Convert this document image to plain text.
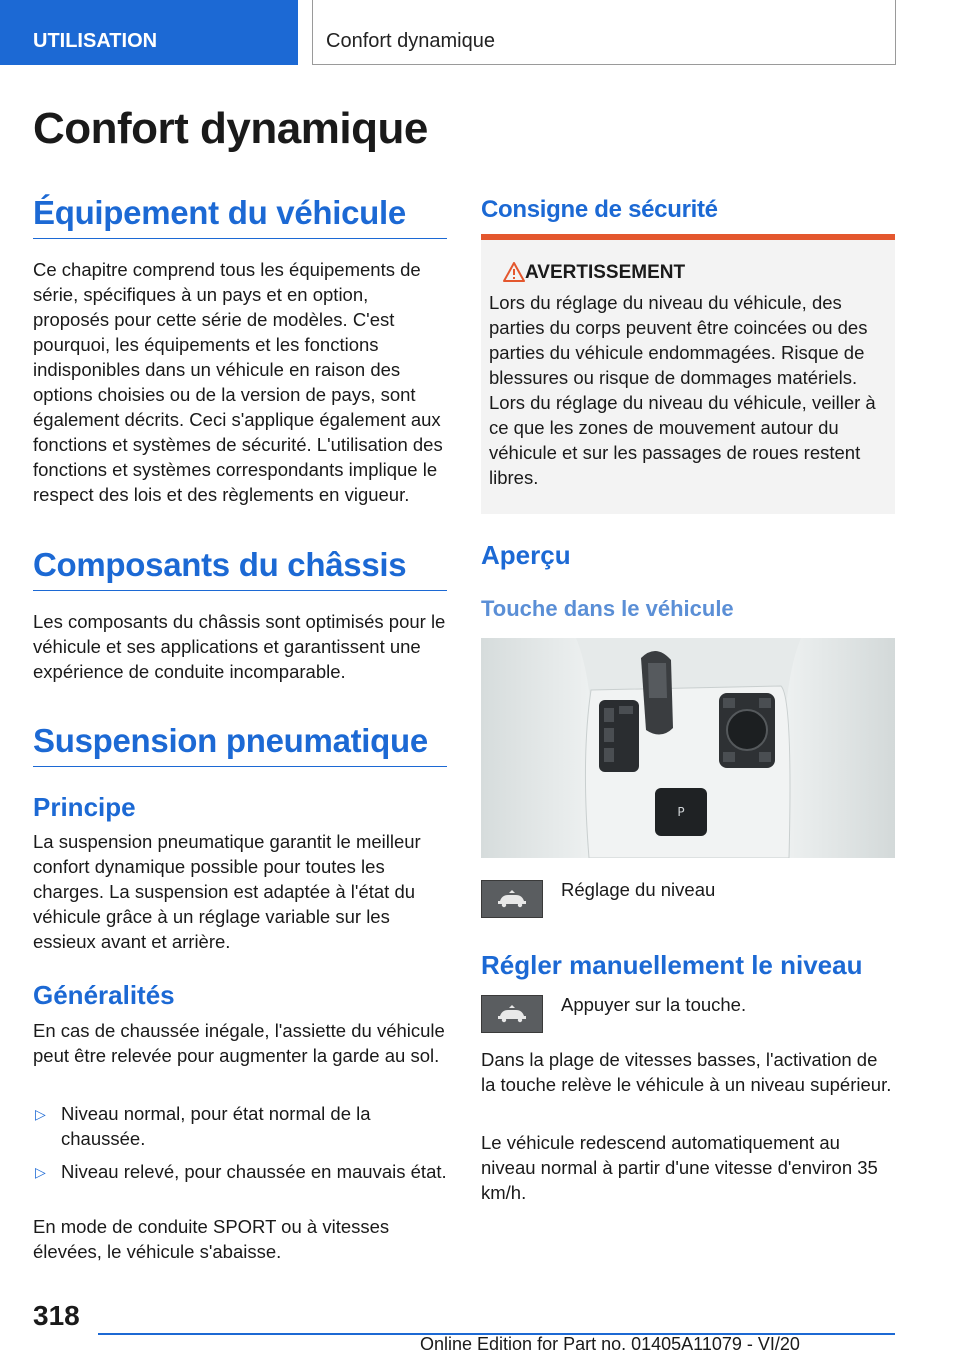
UTILISATION	Confort dynamique
Confort dynamique
Équipement du véhicule

Ce chapitre comprend tous les équipements de série, spécifiques à un pays et en option, proposés pour cette série de modèles. C'est pourquoi, les équipements et les fonctions indisponibles dans un véhicule en raison des options choisies ou de la version de pays, sont également décrits. Ceci s'applique également aux fonctions et systèmes de sécurité. L'utilisation des fonctions et systèmes correspondants implique le respect des lois et des règlements en vigueur.

Composants du châssis

Les composants du châssis sont optimisés pour le véhicule et ses applications et garantissent une expérience de conduite incomparable.

Suspension pneumatique
Principe

La suspension pneumatique garantit le meilleur confort dynamique possible pour toutes les charges. La suspension est adaptée à l'état du véhicule grâce à un réglage variable sur les essieux avant et arrière.

Généralités

En cas de chaussée inégale, l'assiette du véhicule peut être relevée pour augmenter la garde au sol.

▷ Niveau normal, pour état normal de la chaussée.
▷ Niveau relevé, pour chaussée en mauvais état.

En mode de conduite SPORT ou à vitesses élevées, le véhicule s'abaisse.

Consigne de sécurité
AVERTISSEMENT

Lors du réglage du niveau du véhicule, des parties du corps peuvent être coincées ou des parties du véhicule endommagées. Risque de blessures ou risque de dommages matériels. Lors du réglage du niveau du véhicule, veiller à ce que les zones de mouvement autour du véhicule et sur les passages de roues restent libres.

Aperçu
Touche dans le véhicule
P
Réglage du niveau
Régler manuellement le niveau
Appuyer sur la touche.

Dans la plage de vitesses basses, l'activation de la touche relève le véhicule à un niveau supérieur.

Le véhicule redescend automatiquement au niveau normal à partir d'une vitesse d'environ 35 km/h.

318
Online Edition for Part no. 01405A11079 - VI/20
